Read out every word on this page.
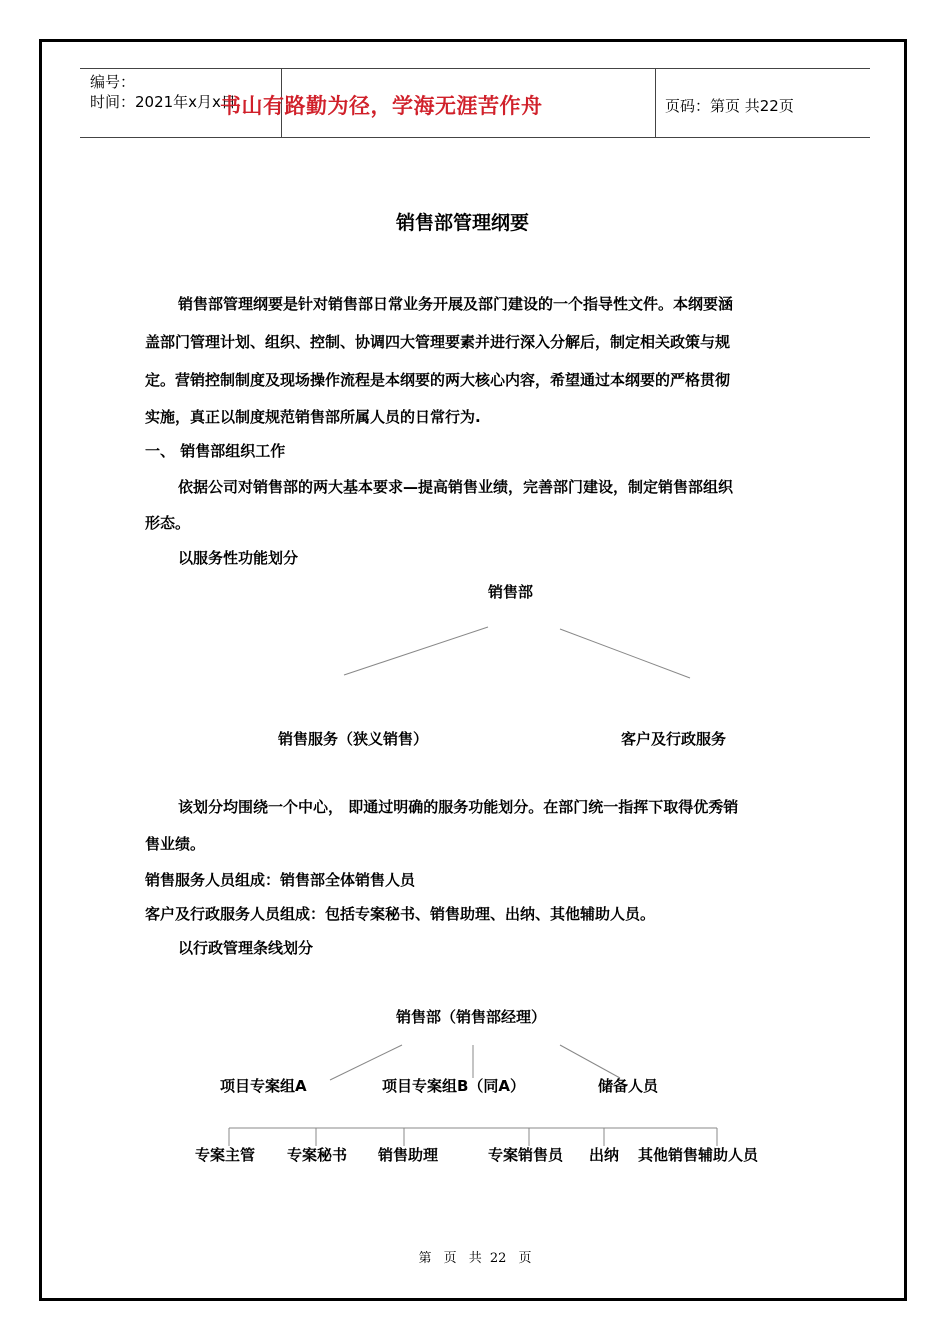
编号：
时间：2021年x月x日
书山有路勤为径，学海无涯苦作舟	页码：第页 共22页
销售部管理纲要
销售部管理纲要是针对销售部日常业务开展及部门建设的一个指导性文件。本纲要涵
盖部门管理计划、组织、控制、协调四大管理要素并进行深入分解后，制定相关政策与规
定。营销控制制度及现场操作流程是本纲要的两大核心内容，希望通过本纲要的严格贯彻
实施，真正以制度规范销售部所属人员的日常行为.
一、 销售部组织工作
依据公司对销售部的两大基本要求—提高销售业绩，完善部门建设，制定销售部组织
形态。
以服务性功能划分
销售部
销售服务（狭义销售）	客户及行政服务
该划分均围绕一个中心， 即通过明确的服务功能划分。在部门统一指挥下取得优秀销
售业绩。
销售服务人员组成：销售部全体销售人员
客户及行政服务人员组成：包括专案秘书、销售助理、出纳、其他辅助人员。
以行政管理条线划分
销售部（销售部经理）
项目专案组A	项目专案组B（同A）	储备人员
专案主管 专案秘书 销售助理	专案销售员 出纳 其他销售辅助人员
第 页 共 22 页
